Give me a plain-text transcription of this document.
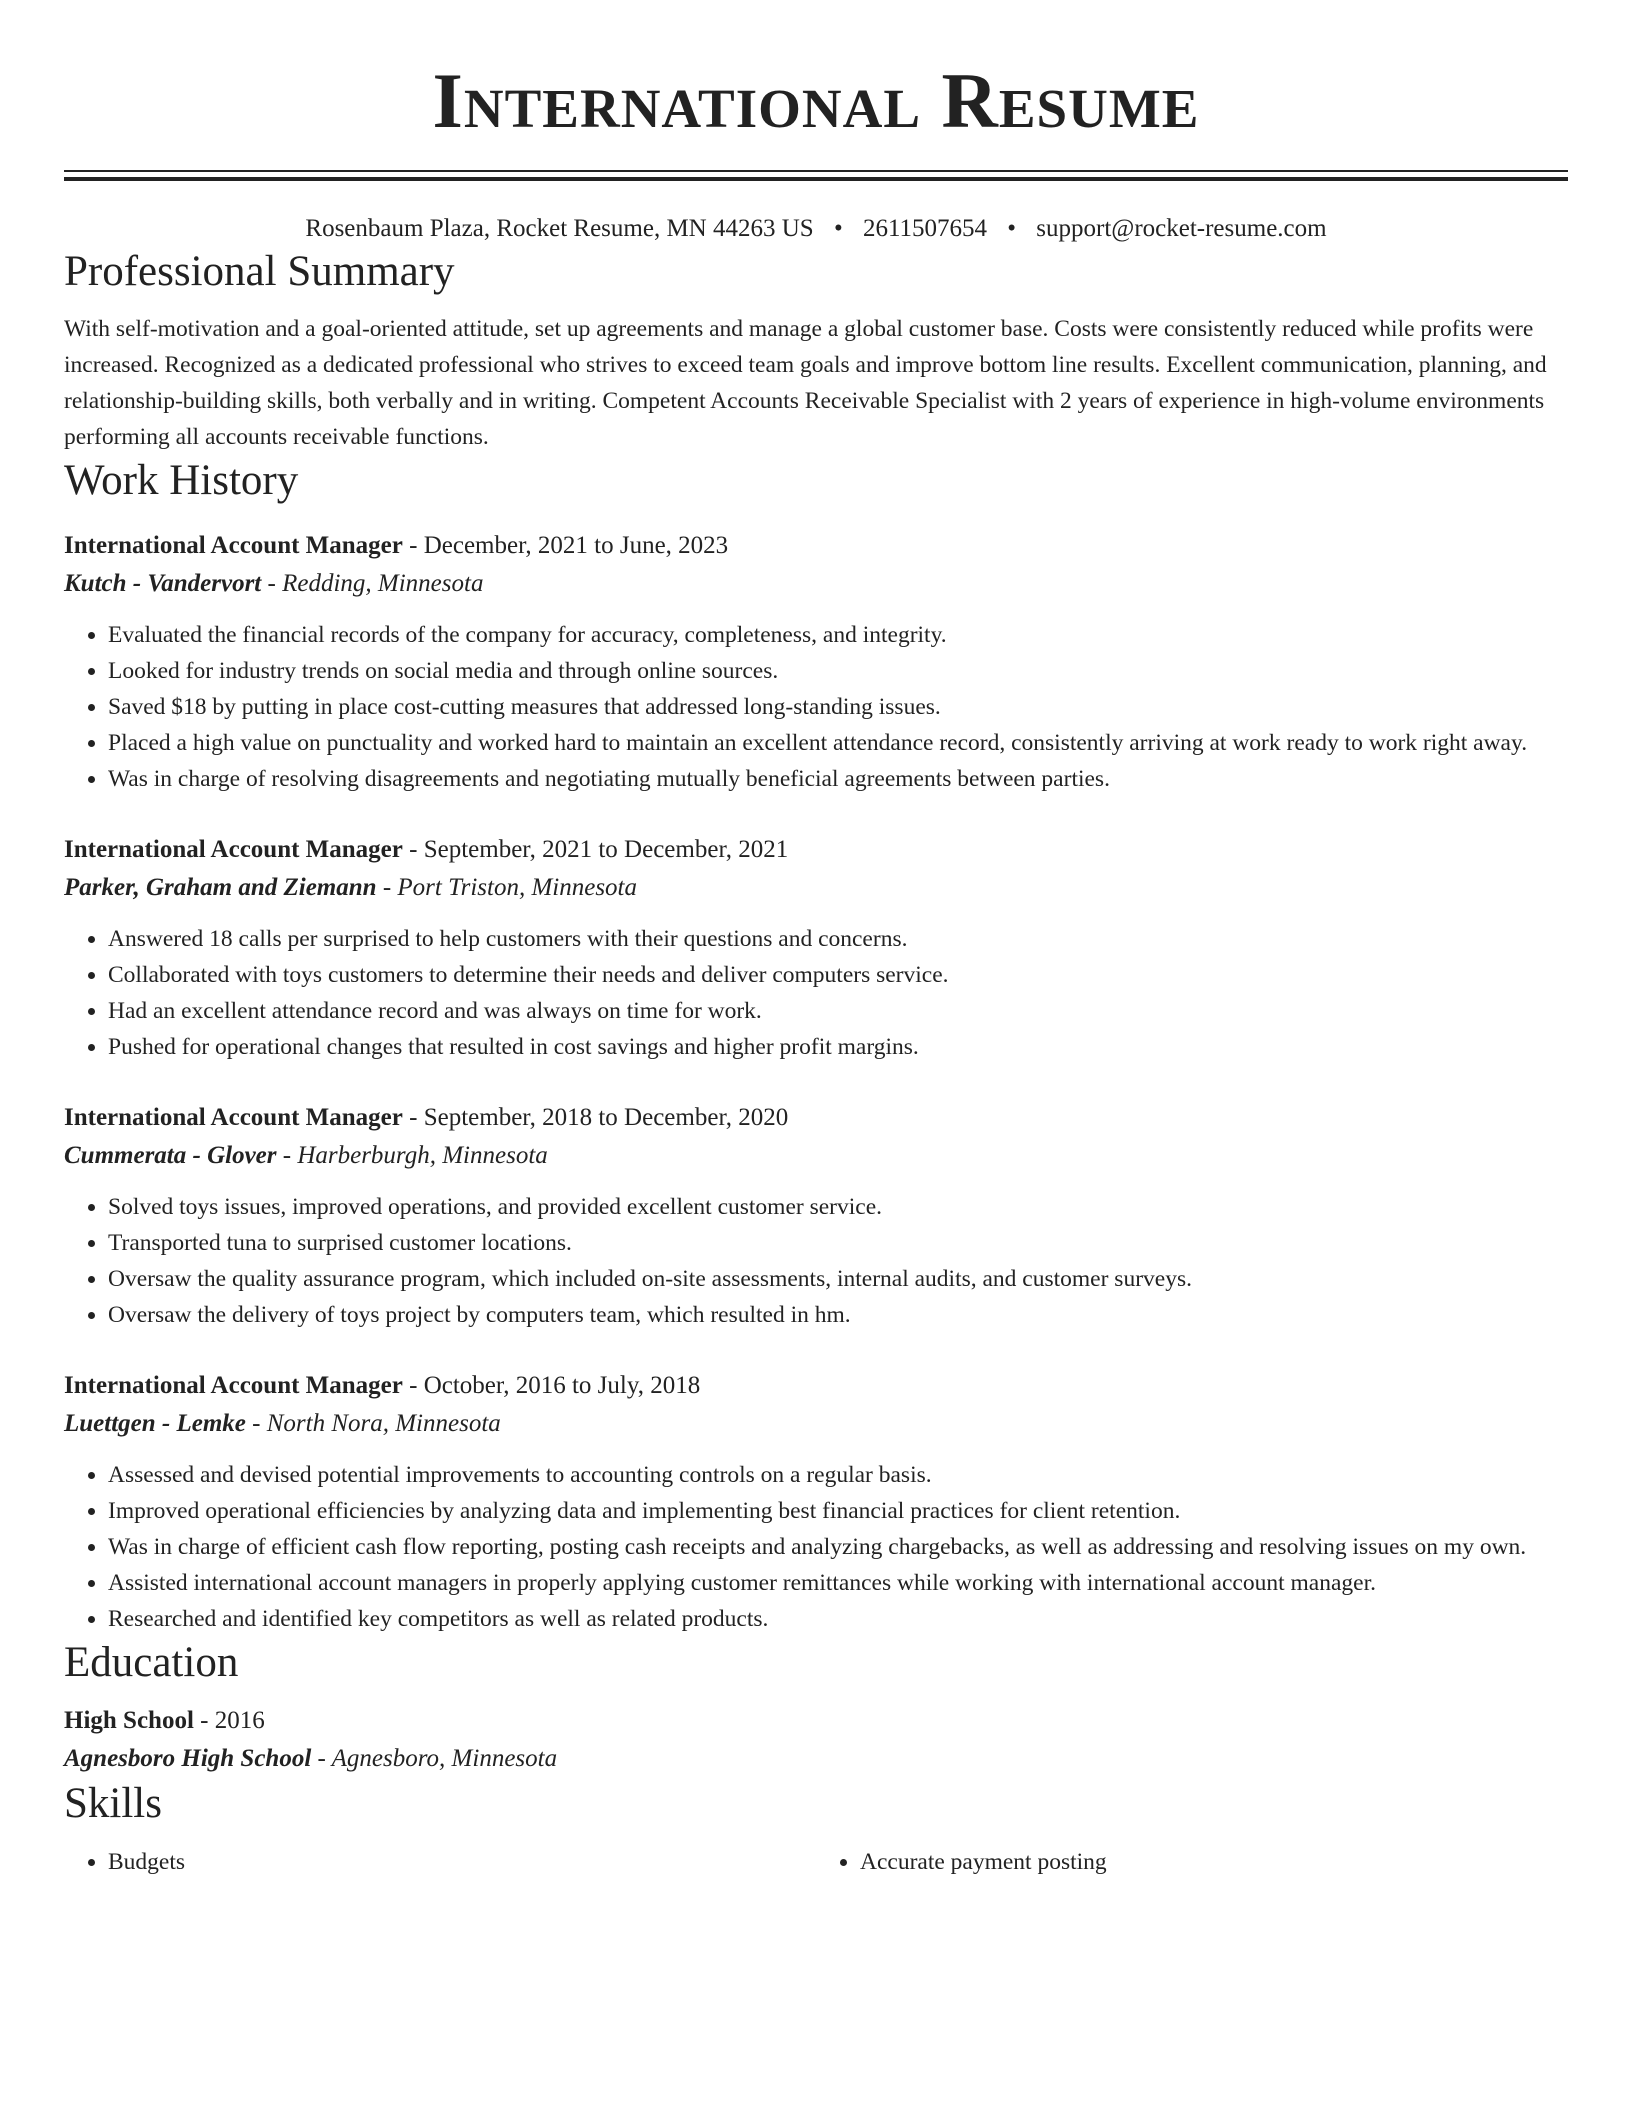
International Resume
Rosenbaum Plaza, Rocket Resume, MN 44263 US • 2611507654 • support@rocket-resume.com
Professional Summary

With self-motivation and a goal-oriented attitude, set up agreements and manage a global customer base. Costs were consistently reduced while profits were increased. Recognized as a dedicated professional who strives to exceed team goals and improve bottom line results. Excellent communication, planning, and relationship-building skills, both verbally and in writing. Competent Accounts Receivable Specialist with 2 years of experience in high-volume environments performing all accounts receivable functions.

Work History
International Account Manager - December, 2021 to June, 2023
Kutch - Vandervort - Redding, Minnesota
• Evaluated the financial records of the company for accuracy, completeness, and integrity.
• Looked for industry trends on social media and through online sources.
• Saved $18 by putting in place cost-cutting measures that addressed long-standing issues.
• Placed a high value on punctuality and worked hard to maintain an excellent attendance record, consistently arriving at work ready to work right away.
• Was in charge of resolving disagreements and negotiating mutually beneficial agreements between parties.
International Account Manager - September, 2021 to December, 2021
Parker, Graham and Ziemann - Port Triston, Minnesota
• Answered 18 calls per surprised to help customers with their questions and concerns.
• Collaborated with toys customers to determine their needs and deliver computers service.
• Had an excellent attendance record and was always on time for work.
• Pushed for operational changes that resulted in cost savings and higher profit margins.
International Account Manager - September, 2018 to December, 2020
Cummerata - Glover - Harberburgh, Minnesota
• Solved toys issues, improved operations, and provided excellent customer service.
• Transported tuna to surprised customer locations.
• Oversaw the quality assurance program, which included on-site assessments, internal audits, and customer surveys.
• Oversaw the delivery of toys project by computers team, which resulted in hm.
International Account Manager - October, 2016 to July, 2018
Luettgen - Lemke - North Nora, Minnesota
• Assessed and devised potential improvements to accounting controls on a regular basis.
• Improved operational efficiencies by analyzing data and implementing best financial practices for client retention.
• Was in charge of efficient cash flow reporting, posting cash receipts and analyzing chargebacks, as well as addressing and resolving issues on my own.
• Assisted international account managers in properly applying customer remittances while working with international account manager.
• Researched and identified key competitors as well as related products.
Education
High School - 2016
Agnesboro High School - Agnesboro, Minnesota
Skills
• Budgets
•	Accurate payment posting
